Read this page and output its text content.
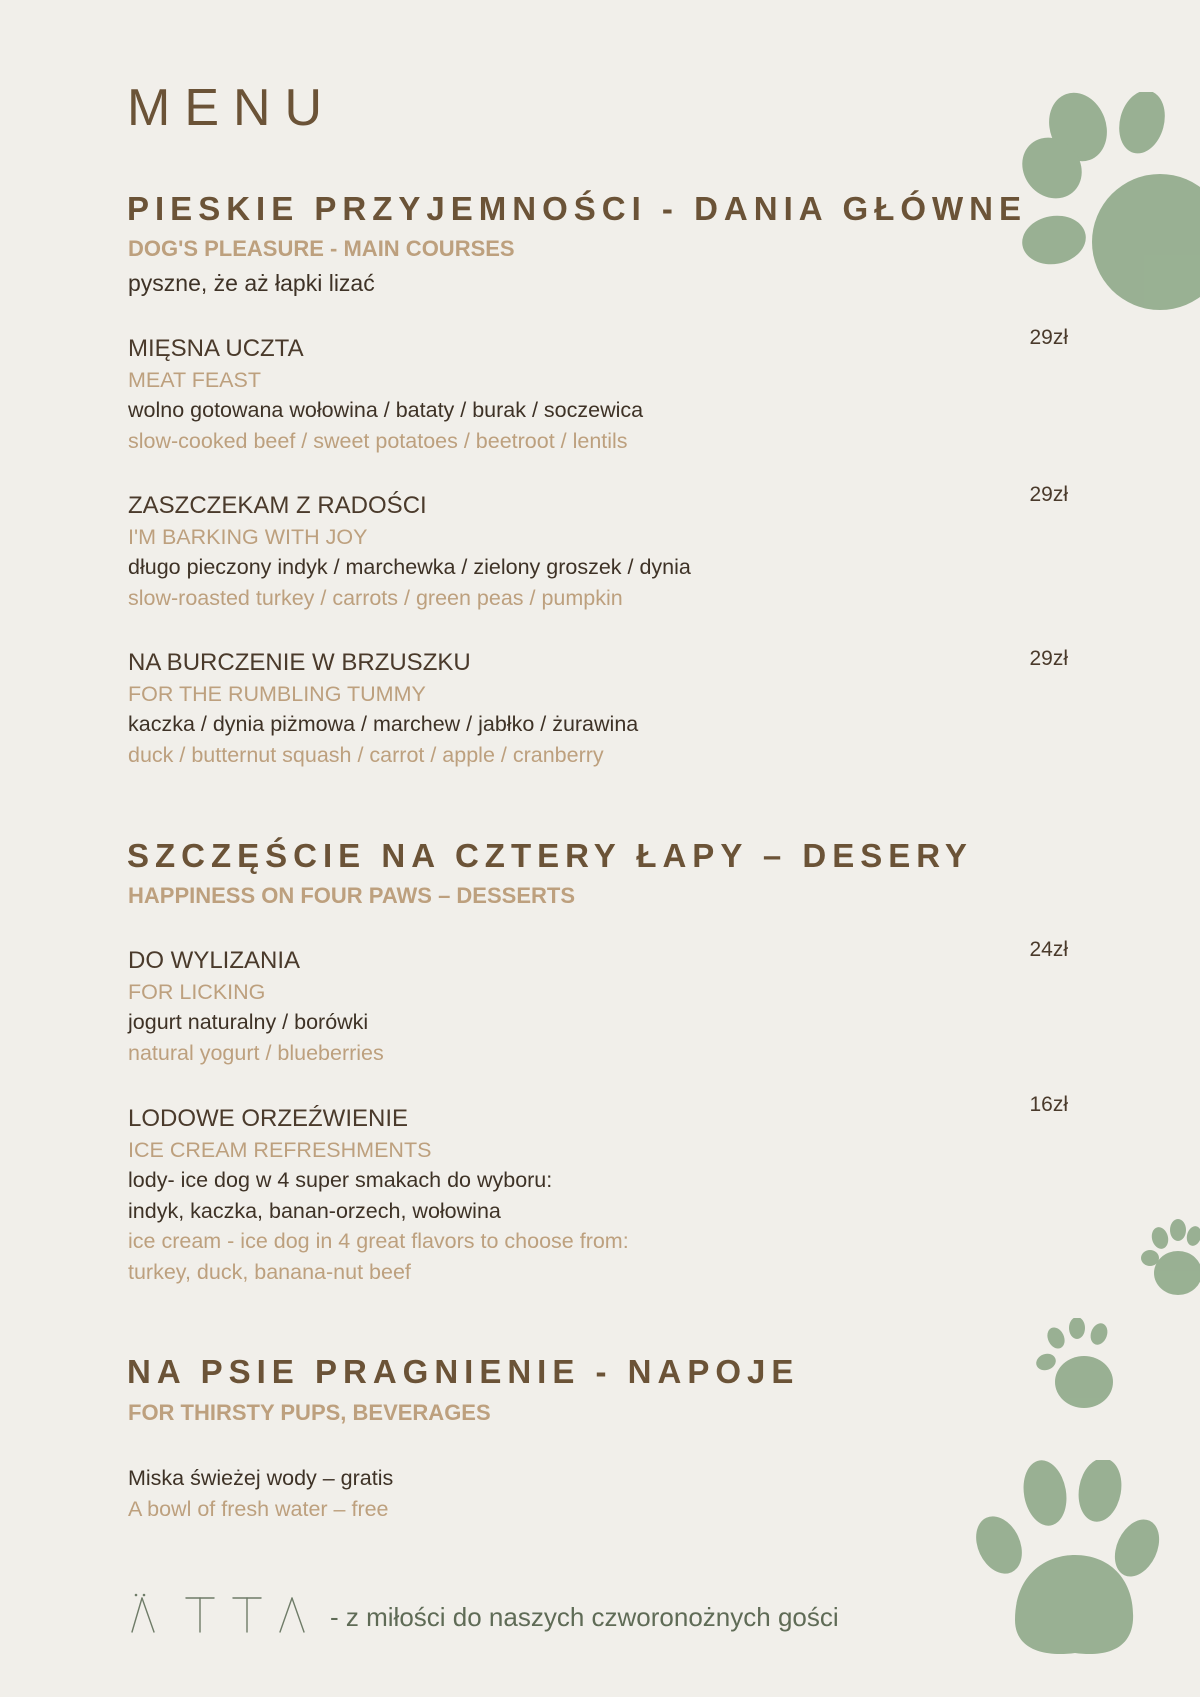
MENU
PIESKIE PRZYJEMNOŚCI - DANIA GŁÓWNE
DOG'S PLEASURE - MAIN COURSES
pyszne, że aż łapki lizać
MIĘSNA UCZTA
MEAT FEAST
wolno gotowana wołowina / bataty / burak / soczewica
slow-cooked beef / sweet potatoes / beetroot / lentils
29zł
ZASZCZEKAM Z RADOŚCI
I'M BARKING WITH JOY
długo pieczony indyk / marchewka / zielony groszek / dynia
slow-roasted turkey / carrots / green peas / pumpkin
29zł
NA BURCZENIE W BRZUSZKU
FOR THE RUMBLING TUMMY
kaczka / dynia piżmowa / marchew / jabłko / żurawina
duck / butternut squash / carrot / apple / cranberry
29zł
SZCZĘŚCIE NA CZTERY ŁAPY – DESERY
HAPPINESS ON FOUR PAWS – DESSERTS
DO WYLIZANIA
FOR LICKING
jogurt naturalny / borówki
natural yogurt / blueberries
24zł
LODOWE ORZEŹWIENIE
ICE CREAM REFRESHMENTS
lody- ice dog w 4 super smakach do wyboru:
indyk, kaczka, banan-orzech, wołowina
ice cream - ice dog in 4 great flavors to choose from:
turkey, duck, banana-nut beef
16zł
NA PSIE PRAGNIENIE - NAPOJE
FOR THIRSTY PUPS, BEVERAGES
Miska świeżej wody – gratis
A bowl of fresh water – free
- z miłości do naszych czworonożnych gości
